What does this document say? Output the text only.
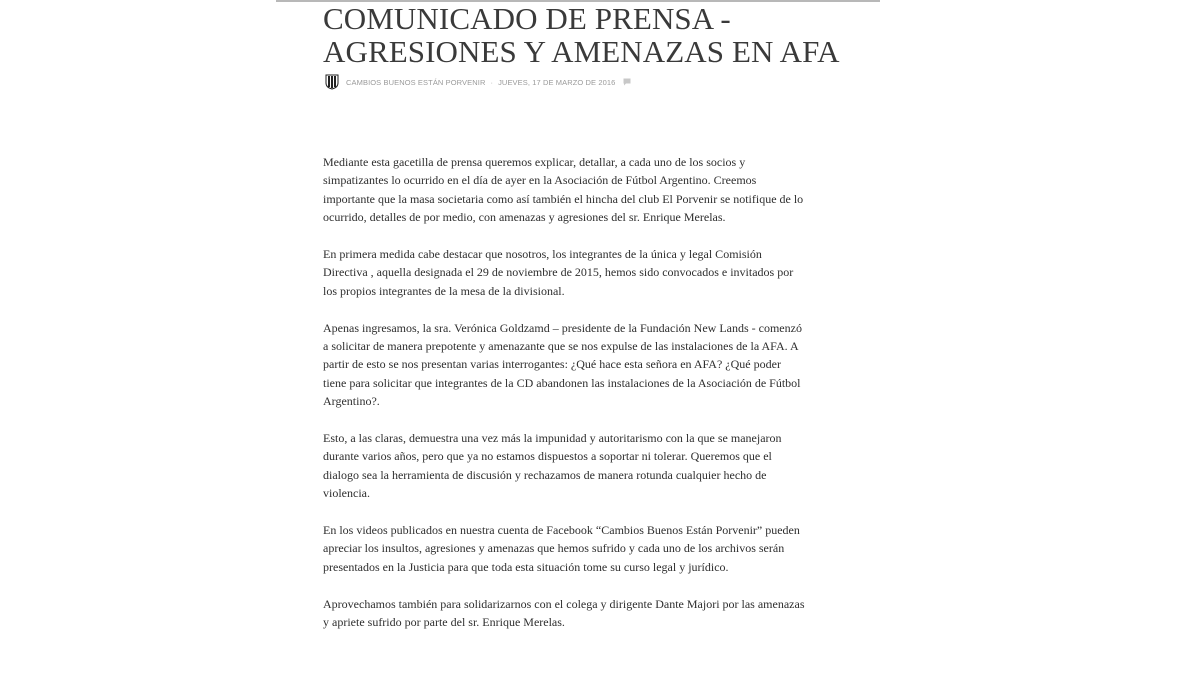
COMUNICADO DE PRENSA - AGRESIONES Y AMENAZAS EN AFA
CAMBIOS BUENOS ESTÁN PORVENIR · JUEVES, 17 DE MARZO DE 2016

Mediante esta gacetilla de prensa queremos explicar, detallar, a cada uno de los socios y simpatizantes lo ocurrido en el día de ayer en la Asociación de Fútbol Argentino. Creemos importante que la masa societaria como así también el hincha del club El Porvenir se notifique de lo ocurrido, detalles de por medio, con amenazas y agresiones del sr. Enrique Merelas.

En primera medida cabe destacar que nosotros, los integrantes de la única y legal Comisión Directiva , aquella designada el 29 de noviembre de 2015, hemos sido convocados e invitados por los propios integrantes de la mesa de la divisional.

Apenas ingresamos, la sra. Verónica Goldzamd – presidente de la Fundación New Lands - comenzó a solicitar de manera prepotente y amenazante que se nos expulse de las instalaciones de la AFA. A partir de esto se nos presentan varias interrogantes: ¿Qué hace esta señora en AFA? ¿Qué poder tiene para solicitar que integrantes de la CD abandonen las instalaciones de la Asociación de Fútbol Argentino?.

Esto, a las claras, demuestra una vez más la impunidad y autoritarismo con la que se manejaron durante varios años, pero que ya no estamos dispuestos a soportar ni tolerar. Queremos que el dialogo sea la herramienta de discusión y rechazamos de manera rotunda cualquier hecho de violencia.

En los videos publicados en nuestra cuenta de Facebook “Cambios Buenos Están Porvenir” pueden apreciar los insultos, agresiones y amenazas que hemos sufrido y cada uno de los archivos serán presentados en la Justicia para que toda esta situación tome su curso legal y jurídico.

Aprovechamos también para solidarizarnos con el colega y dirigente Dante Majori por las amenazas y apriete sufrido por parte del sr. Enrique Merelas.
